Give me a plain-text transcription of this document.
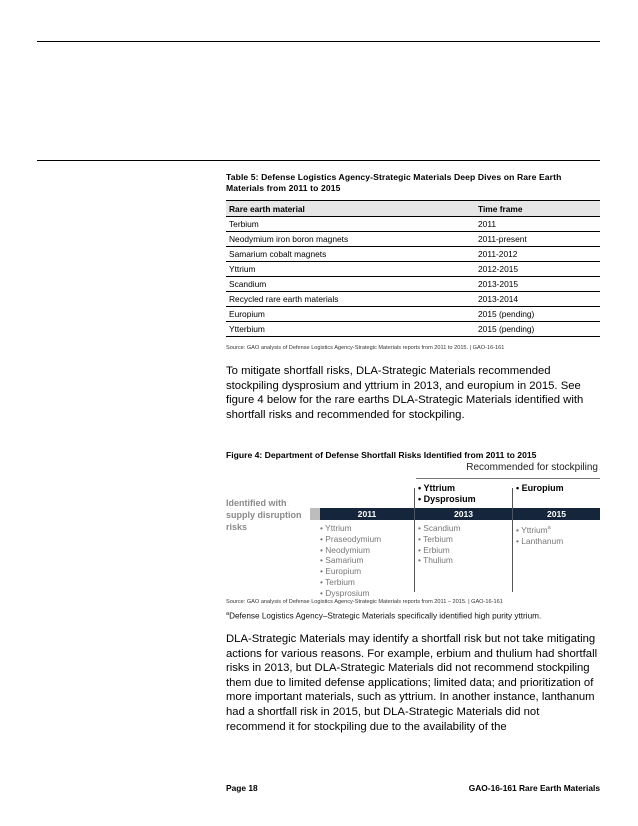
Table 5: Defense Logistics Agency-Strategic Materials Deep Dives on Rare Earth Materials from 2011 to 2015
Rare earth material	Time frame
Terbium	2011
Neodymium iron boron magnets	2011-present
Samarium cobalt magnets	2011-2012
Yttrium	2012-2015
Scandium	2013-2015
Recycled rare earth materials	2013-2014
Europium	2015 (pending)
Ytterbium	2015 (pending)
Source: GAO analysis of Defense Logistics Agency-Strategic Materials reports from 2011 to 2015. | GAO-16-161
To mitigate shortfall risks, DLA-Strategic Materials recommended stockpiling dysprosium and yttrium in 2013, and europium in 2015. See figure 4 below for the rare earths DLA-Strategic Materials identified with shortfall risks and recommended for stockpiling.
Figure 4: Department of Defense Shortfall Risks Identified from 2011 to 2015
Recommended for stockpiling
• Yttrium
• Dysprosium
• Europium
Identified with
supply disruption
risks
2011	2013	2015
• Yttrium
• Praseodymium
• Neodymium
• Samarium
• Europium
• Terbium
• Dysprosium
• Scandium
• Terbium
• Erbium
• Thulium
• Yttrium$^a$
• Lanthanum
Source: GAO analysis of Defense Logistics Agency-Strategic Materials reports from 2011 – 2015. | GAO-16-161
$^a$Defense Logistics Agency–Strategic Materials specifically identified high purity yttrium.
DLA-Strategic Materials may identify a shortfall risk but not take mitigating actions for various reasons. For example, erbium and thulium had shortfall risks in 2013, but DLA-Strategic Materials did not recommend stockpiling them due to limited defense applications; limited data; and prioritization of more important materials, such as yttrium. In another instance, lanthanum had a shortfall risk in 2015, but DLA-Strategic Materials did not recommend it for stockpiling due to the availability of the
Page 18	GAO-16-161 Rare Earth Materials
